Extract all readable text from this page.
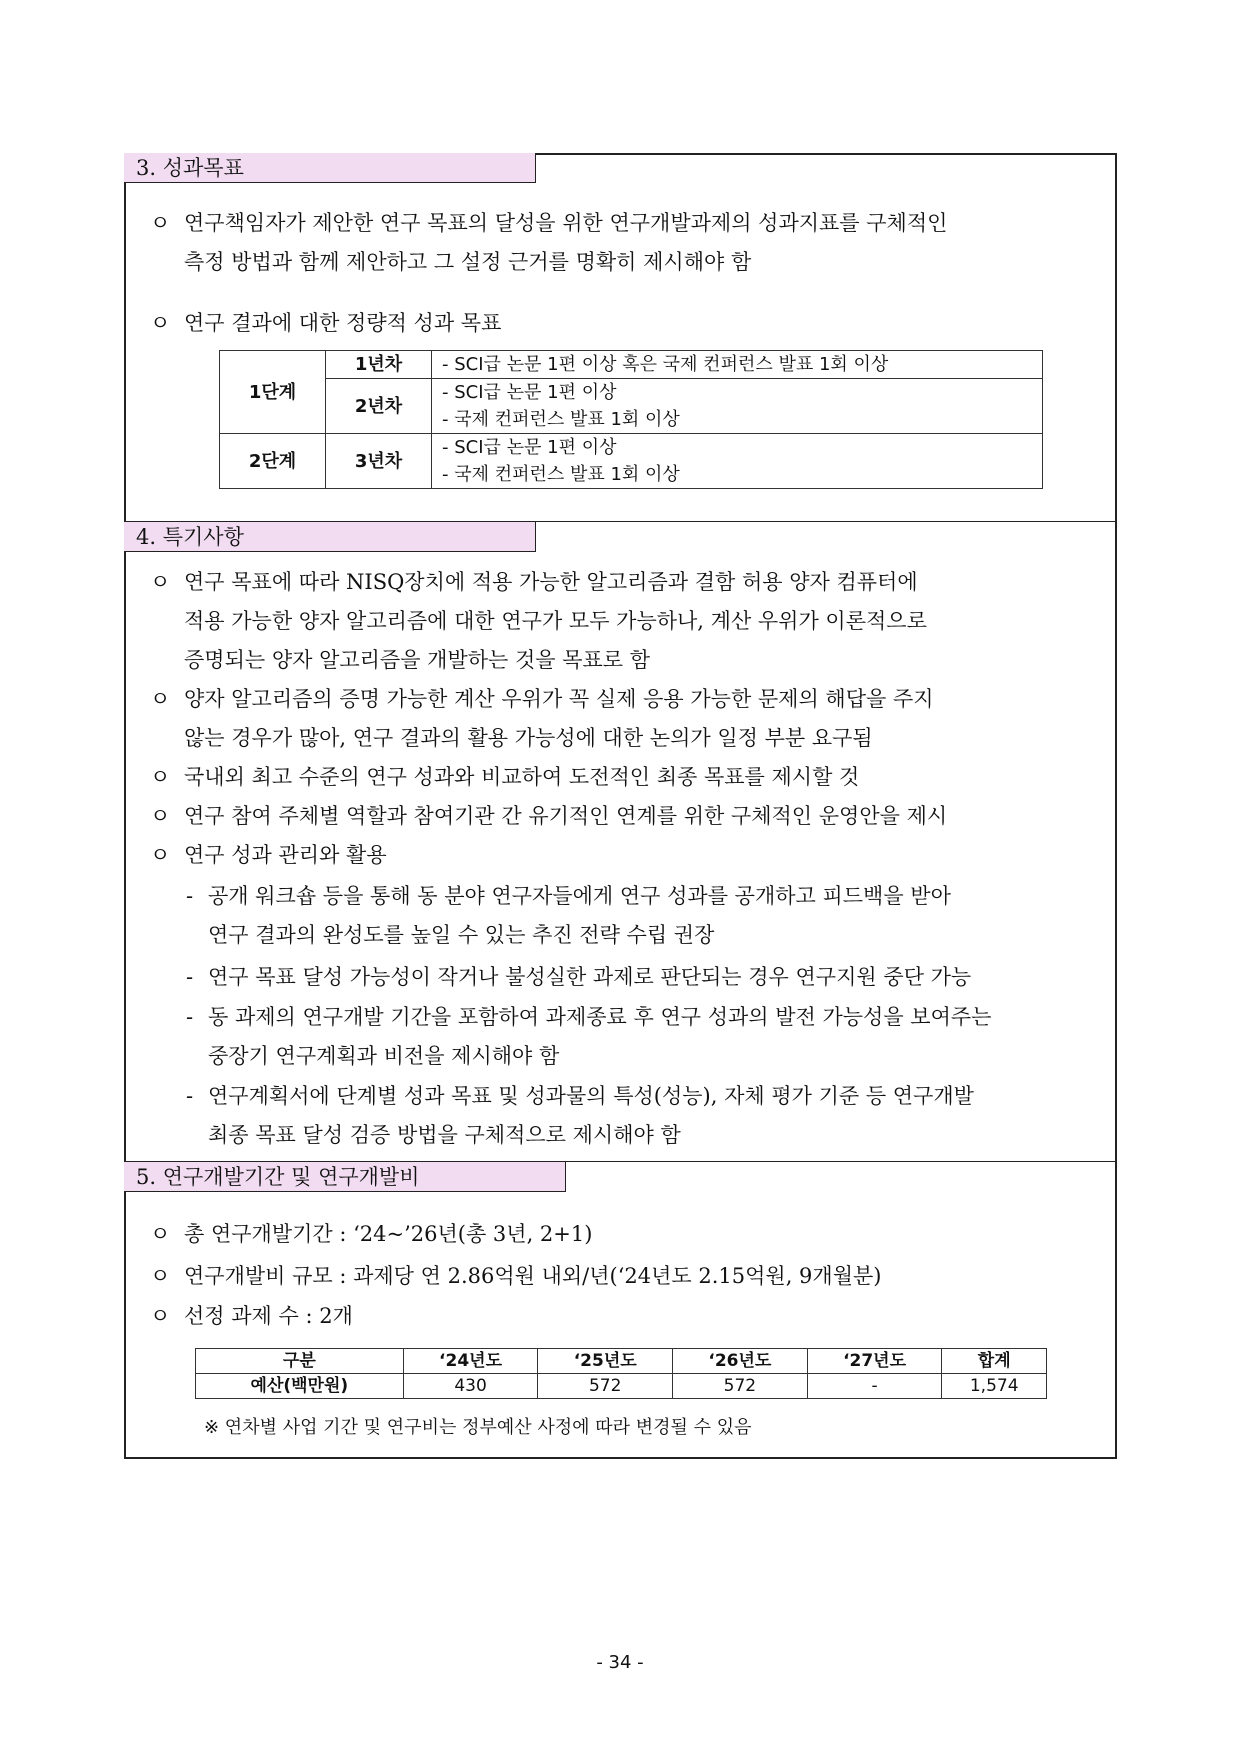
3. 성과목표
ㅇ 연구책임자가 제안한 연구 목표의 달성을 위한 연구개발과제의 성과지표를 구체적인
측정 방법과 함께 제안하고 그 설정 근거를 명확히 제시해야 함
ㅇ 연구 결과에 대한 정량적 성과 목표
1단계	1년차	- SCI급 논문 1편 이상 혹은 국제 컨퍼런스 발표 1회 이상
	2년차	- SCI급 논문 1편 이상
		- 국제 컨퍼런스 발표 1회 이상
2단계	3년차	- SCI급 논문 1편 이상
		- 국제 컨퍼런스 발표 1회 이상
4. 특기사항
ㅇ 연구 목표에 따라 NISQ장치에 적용 가능한 알고리즘과 결함 허용 양자 컴퓨터에
적용 가능한 양자 알고리즘에 대한 연구가 모두 가능하나, 계산 우위가 이론적으로
증명되는 양자 알고리즘을 개발하는 것을 목표로 함
ㅇ 양자 알고리즘의 증명 가능한 계산 우위가 꼭 실제 응용 가능한 문제의 해답을 주지
않는 경우가 많아, 연구 결과의 활용 가능성에 대한 논의가 일정 부분 요구됨
ㅇ 국내외 최고 수준의 연구 성과와 비교하여 도전적인 최종 목표를 제시할 것
ㅇ 연구 참여 주체별 역할과 참여기관 간 유기적인 연계를 위한 구체적인 운영안을 제시
ㅇ 연구 성과 관리와 활용
- 공개 워크숍 등을 통해 동 분야 연구자들에게 연구 성과를 공개하고 피드백을 받아
연구 결과의 완성도를 높일 수 있는 추진 전략 수립 권장
- 연구 목표 달성 가능성이 작거나 불성실한 과제로 판단되는 경우 연구지원 중단 가능
- 동 과제의 연구개발 기간을 포함하여 과제종료 후 연구 성과의 발전 가능성을 보여주는
중장기 연구계획과 비전을 제시해야 함
- 연구계획서에 단계별 성과 목표 및 성과물의 특성(성능), 자체 평가 기준 등 연구개발
최종 목표 달성 검증 방법을 구체적으로 제시해야 함
5. 연구개발기간 및 연구개발비
ㅇ 총 연구개발기간 : ‘24~’26년(총 3년, 2+1)
ㅇ 연구개발비 규모 : 과제당 연 2.86억원 내외/년(‘24년도 2.15억원, 9개월분)
ㅇ 선정 과제 수 : 2개
구분	‘24년도	‘25년도	‘26년도	‘27년도	합계
예산(백만원)	430	572	572	-	1,574
※ 연차별 사업 기간 및 연구비는 정부예산 사정에 따라 변경될 수 있음
- 34 -
